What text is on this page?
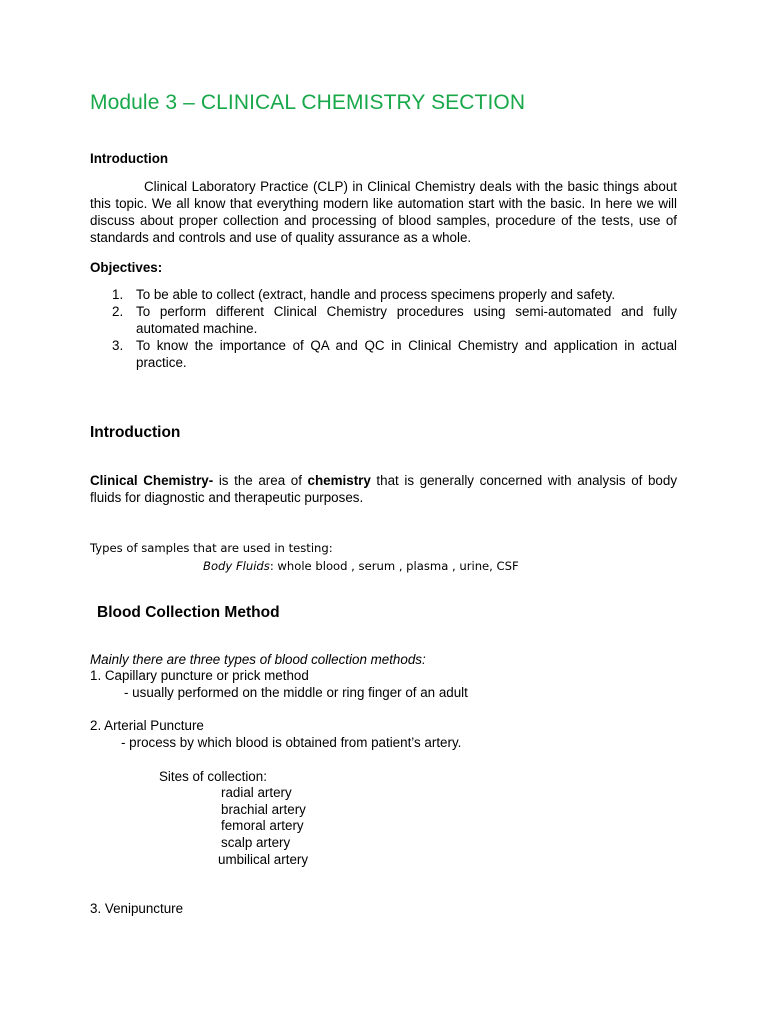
Module 3 – CLINICAL CHEMISTRY SECTION
Introduction
Clinical Laboratory Practice (CLP) in Clinical Chemistry deals with the basic things about this topic. We all know that everything modern like automation start with the basic. In here we will discuss about proper collection and processing of blood samples, procedure of the tests, use of standards and controls and use of quality assurance as a whole.
Objectives:
1. To be able to collect (extract, handle and process specimens properly and safety.
2. To perform different Clinical Chemistry procedures using semi-automated and fully automated machine.
3. To know the importance of QA and QC in Clinical Chemistry and application in actual practice.
Introduction
Clinical Chemistry- is the area of chemistry that is generally concerned with analysis of body fluids for diagnostic and therapeutic purposes.
Types of samples that are used in testing:
Body Fluids: whole blood , serum , plasma , urine, CSF
Blood Collection Method
Mainly there are three types of blood collection methods:
1. Capillary puncture or prick method
- usually performed on the middle or ring finger of an adult
2. Arterial Puncture
- process by which blood is obtained from patient’s artery.
Sites of collection:
radial artery
brachial artery
femoral artery
scalp artery
umbilical artery
3. Venipuncture
